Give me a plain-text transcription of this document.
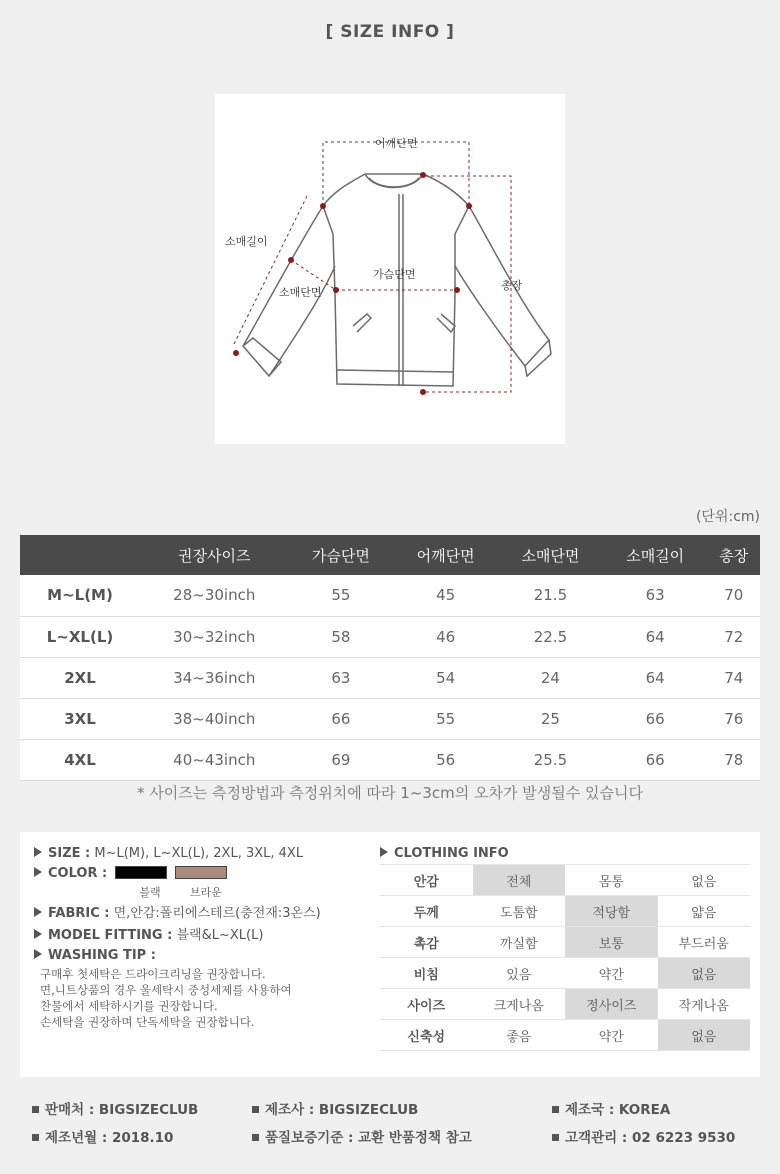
[ SIZE INFO ]
어깨단면
소매길이
가슴단면
소매단면
총장
(단위:cm)
	권장사이즈	가슴단면	어깨단면	소매단면	소매길이	총장
M~L(M)	28~30inch	55	45	21.5	63	70
L~XL(L)	30~32inch	58	46	22.5	64	72
2XL	34~36inch	63	54	24	64	74
3XL	38~40inch	66	55	25	66	76
4XL	40~43inch	69	56	25.5	66	78
* 사이즈는 측정방법과 측정위치에 따라 1~3cm의 오차가 발생될수 있습니다
SIZE : M~L(M), L~XL(L), 2XL, 3XL, 4XL
COLOR :
블랙	브라운
FABRIC : 면,안감:폴리에스테르(충전재:3온스)
MODEL FITTING : 블랙&L~XL(L)
WASHING TIP :
구매후 첫세탁은 드라이크리닝을 권장합니다.
면,니트상품의 경우 울세탁시 중성세제를 사용하여
찬물에서 세탁하시기를 권장합니다.
손세탁을 권장하며 단독세탁을 권장합니다.
CLOTHING INFO
안감	전체	몸통	없음
두께	도톰함	적당함	얇음
촉감	까실함	보통	부드러움
비침	있음	약간	없음
사이즈	크게나옴	정사이즈	작게나옴
신축성	좋음	약간	없음
판매처 : BIGSIZECLUB	제조사 : BIGSIZECLUB	제조국 : KOREA
제조년월 : 2018.10	품질보증기준 : 교환 반품정책 참고	고객관리 : 02 6223 9530
